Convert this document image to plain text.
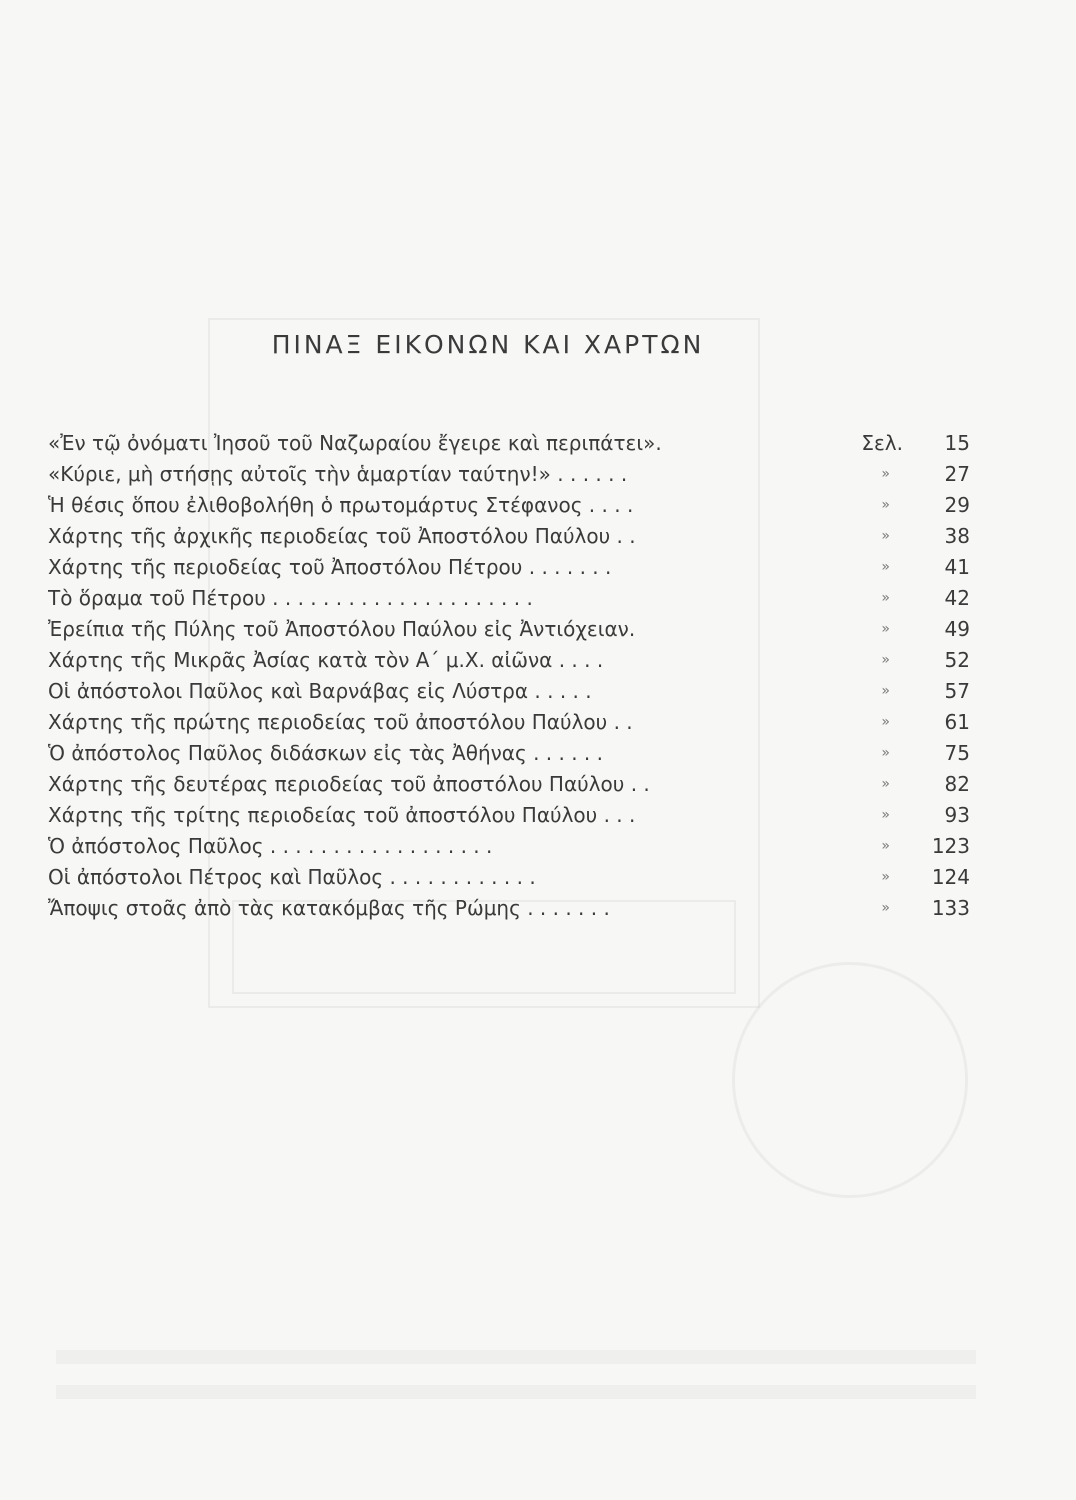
ΠΙΝΑΞ ΕΙΚΟΝΩΝ ΚΑΙ ΧΑΡΤΩΝ
«Ἐν τῷ ὀνόματι Ἰησοῦ τοῦ Ναζωραίου ἔγειρε καὶ περιπάτει».	Σελ.	15
«Κύριε, μὴ στήσῃς αὐτοῖς τὴν ἁμαρτίαν ταύτην!» . . . . . .	»	27
Ἡ θέσις ὅπου ἐλιθοβολήθη ὁ πρωτομάρτυς Στέφανος . . . .	»	29
Χάρτης τῆς ἀρχικῆς περιοδείας τοῦ Ἀποστόλου Παύλου . .	»	38
Χάρτης τῆς περιοδείας τοῦ Ἀποστόλου Πέτρου . . . . . . .	»	41
Τὸ ὅραμα τοῦ Πέτρου . . . . . . . . . . . . . . . . . . . . .	»	42
Ἐρείπια τῆς Πύλης τοῦ Ἀποστόλου Παύλου εἰς Ἀντιόχειαν.	»	49
Χάρτης τῆς Μικρᾶς Ἀσίας κατὰ τὸν Α΄ μ.Χ. αἰῶνα . . . .	»	52
Οἱ ἀπόστολοι Παῦλος καὶ Βαρνάβας εἰς Λύστρα . . . . .	»	57
Χάρτης τῆς πρώτης περιοδείας τοῦ ἀποστόλου Παύλου . .	»	61
Ὁ ἀπόστολος Παῦλος διδάσκων εἰς τὰς Ἀθήνας . . . . . .	»	75
Χάρτης τῆς δευτέρας περιοδείας τοῦ ἀποστόλου Παύλου . .	»	82
Χάρτης τῆς τρίτης περιοδείας τοῦ ἀποστόλου Παύλου . . .	»	93
Ὁ ἀπόστολος Παῦλος . . . . . . . . . . . . . . . . . .	»	123
Οἱ ἀπόστολοι Πέτρος καὶ Παῦλος . . . . . . . . . . . .	»	124
Ἄποψις στοᾶς ἀπὸ τὰς κατακόμβας τῆς Ρώμης . . . . . . .	»	133
